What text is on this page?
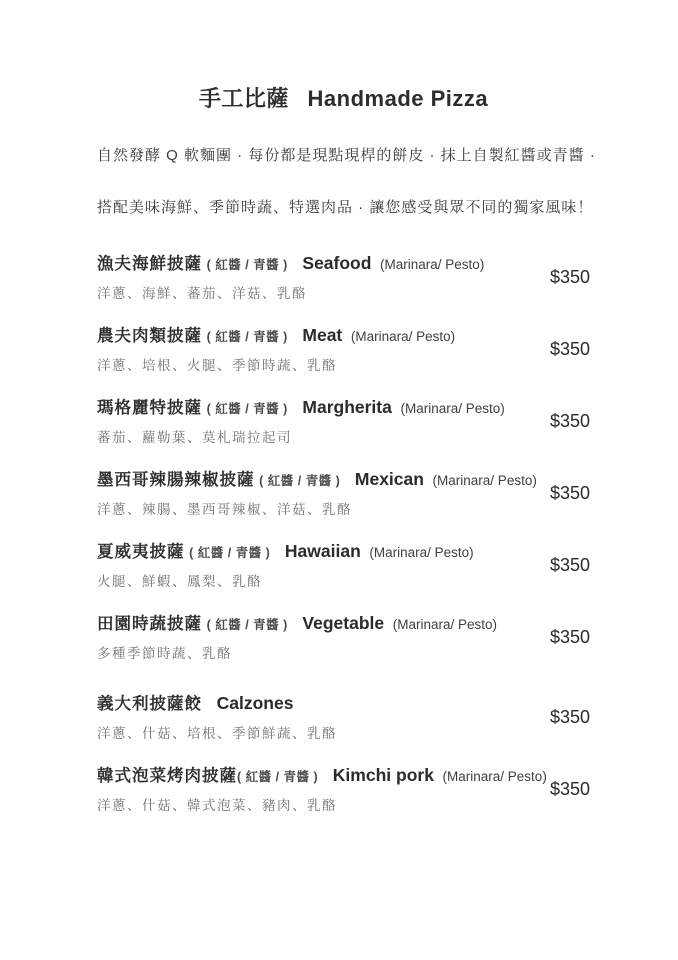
手工比薩 Handmade Pizza

自然發酵 Q 軟麵團 · 每份都是現點現桿的餅皮 · 抹上自製紅醬或青醬 ·

搭配美味海鮮、季節時蔬、特選肉品 · 讓您感受與眾不同的獨家風味！

漁夫海鮮披薩 ( 紅醬 / 青醬 ) Seafood (Marinara/ Pesto)
洋蔥、海鮮、蕃茄、洋菇、乳酪
$350
農夫肉類披薩 ( 紅醬 / 青醬 ) Meat (Marinara/ Pesto)
洋蔥、培根、火腿、季節時蔬、乳酪
$350
瑪格麗特披薩 ( 紅醬 / 青醬 ) Margherita (Marinara/ Pesto)
蕃茄、蘿勒葉、莫札瑞拉起司
$350
墨西哥辣腸辣椒披薩 ( 紅醬 / 青醬 ) Mexican (Marinara/ Pesto)
洋蔥、辣腸、墨西哥辣椒、洋菇、乳酪
$350
夏威夷披薩 ( 紅醬 / 青醬 ) Hawaiian (Marinara/ Pesto)
火腿、鮮蝦、鳳梨、乳酪
$350
田園時蔬披薩 ( 紅醬 / 青醬 ) Vegetable (Marinara/ Pesto)
多種季節時蔬、乳酪
$350
義大利披薩餃 Calzones
洋蔥、什菇、培根、季節鮮蔬、乳酪
$350
韓式泡菜烤肉披薩( 紅醬 / 青醬 ) Kimchi pork (Marinara/ Pesto)
洋蔥、什菇、韓式泡菜、豬肉、乳酪
$350
